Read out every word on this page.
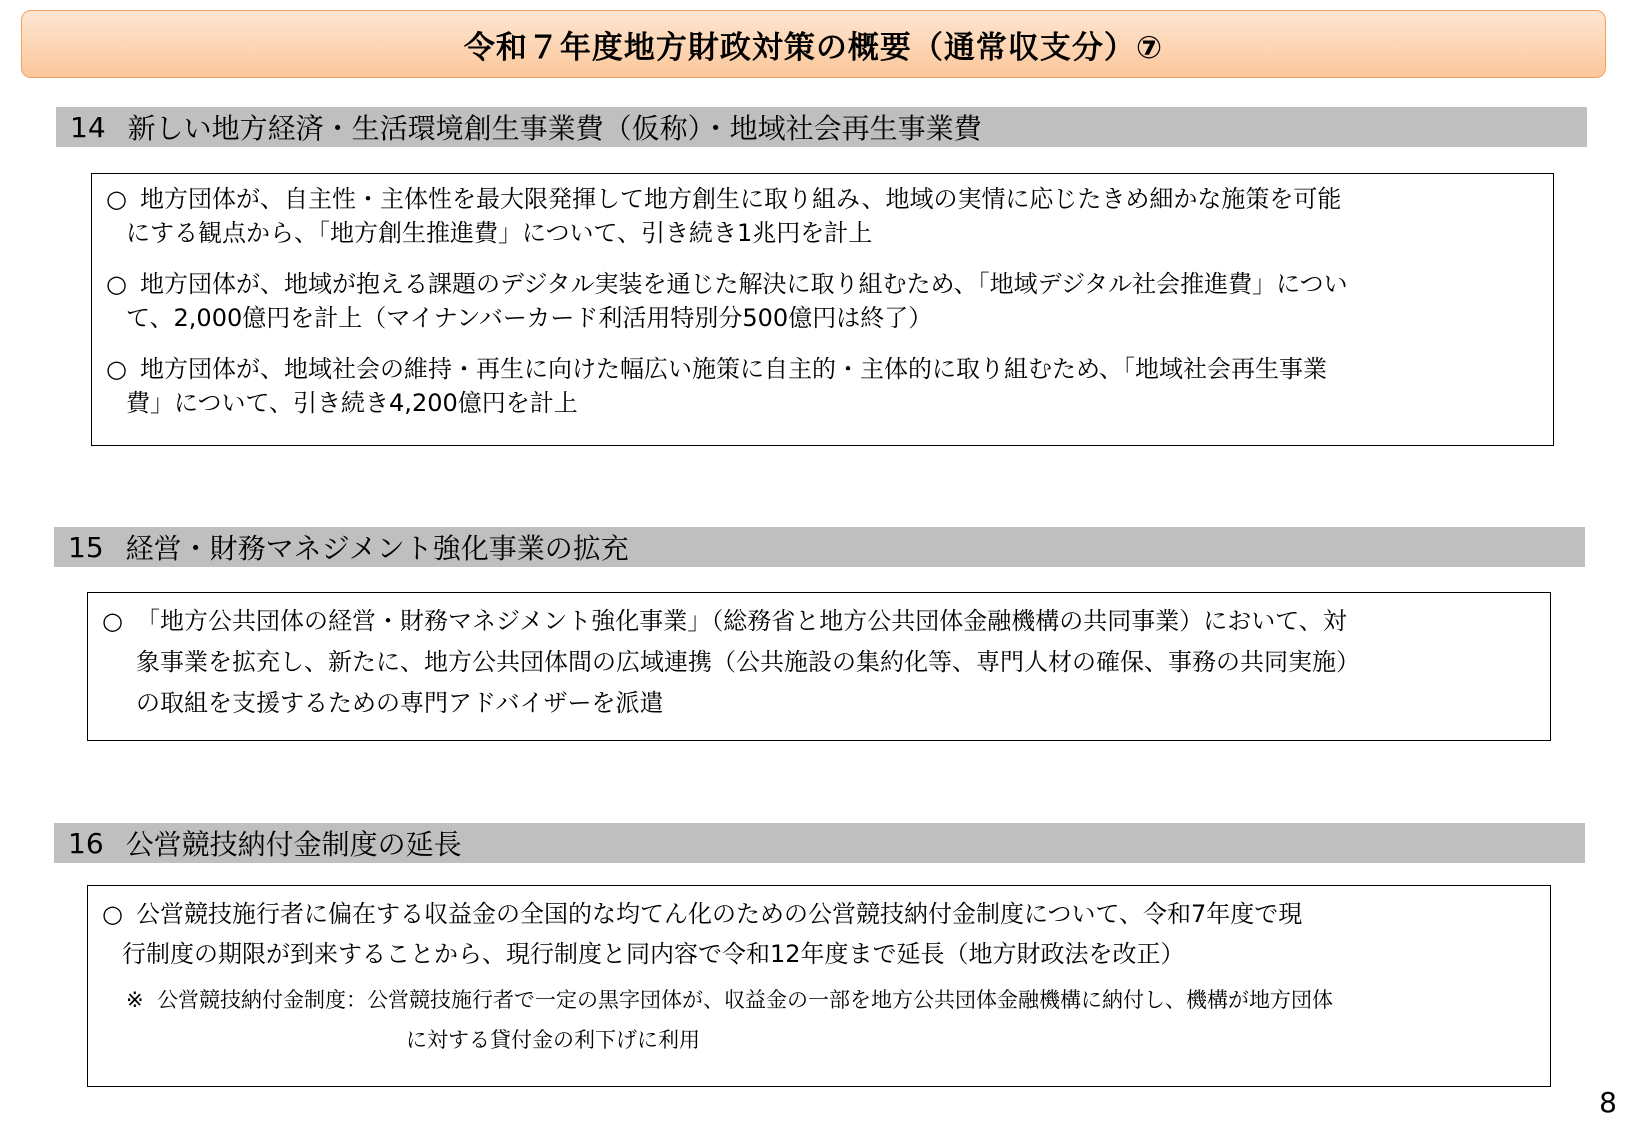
令和７年度地方財政対策の概要（通常収支分）⑦
14 新しい地方経済・生活環境創生事業費（仮称）・地域社会再生事業費
○ 地方団体が、自主性・主体性を最大限発揮して地方創生に取り組み、地域の実情に応じたきめ細かな施策を可能
にする観点から、「地方創生推進費」について、引き続き1兆円を計上
○ 地方団体が、地域が抱える課題のデジタル実装を通じた解決に取り組むため、「地域デジタル社会推進費」につい
て、2,000億円を計上（マイナンバーカード利活用特別分500億円は終了）
○ 地方団体が、地域社会の維持・再生に向けた幅広い施策に自主的・主体的に取り組むため、「地域社会再生事業
費」について、引き続き4,200億円を計上
15 経営・財務マネジメント強化事業の拡充
○ 「地方公共団体の経営・財務マネジメント強化事業」（総務省と地方公共団体金融機構の共同事業）において、対
象事業を拡充し、新たに、地方公共団体間の広域連携（公共施設の集約化等、専門人材の確保、事務の共同実施）
の取組を支援するための専門アドバイザーを派遣
16 公営競技納付金制度の延長
○ 公営競技施行者に偏在する収益金の全国的な均てん化のための公営競技納付金制度について、令和7年度で現
行制度の期限が到来することから、現行制度と同内容で令和12年度まで延長（地方財政法を改正）
※ 公営競技納付金制度：公営競技施行者で一定の黒字団体が、収益金の一部を地方公共団体金融機構に納付し、機構が地方団体
に対する貸付金の利下げに利用
8
